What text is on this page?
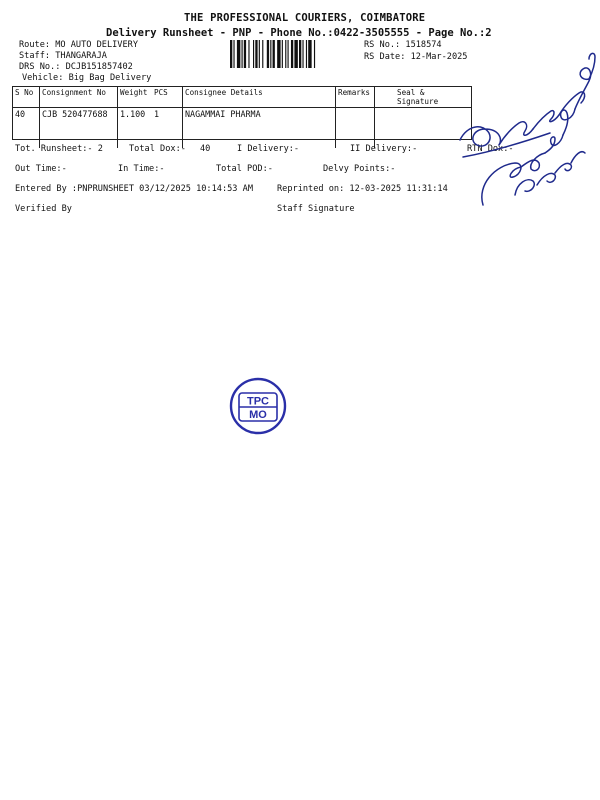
THE PROFESSIONAL COURIERS, COIMBATORE
Delivery Runsheet - PNP - Phone No.:0422-3505555 - Page No.:2
Route: MO AUTO DELIVERY
Staff: THANGARAJA
DRS No.: DCJB151857402
Vehicle: Big Bag Delivery
RS No.: 1518574
RS Date: 12-Mar-2025
S No	Consignment No	Weight	PCS	Consignee Details	Remarks	Seal & Signature
40	CJB 520477688	1.100	1	NAGAMMAI PHARMA		
Tot. Runsheet:- 2	Total Dox:- 40	I Delivery:-	II Delivery:-	RTN Dox:-
Out Time:-	In Time:-	Total POD:-	Delvy Points:-
Entered By :PNPRUNSHEET 03/12/2025 10:14:53 AM	Reprinted on: 12-03-2025 11:31:14
Verified By	Staff Signature
TPC
MO
